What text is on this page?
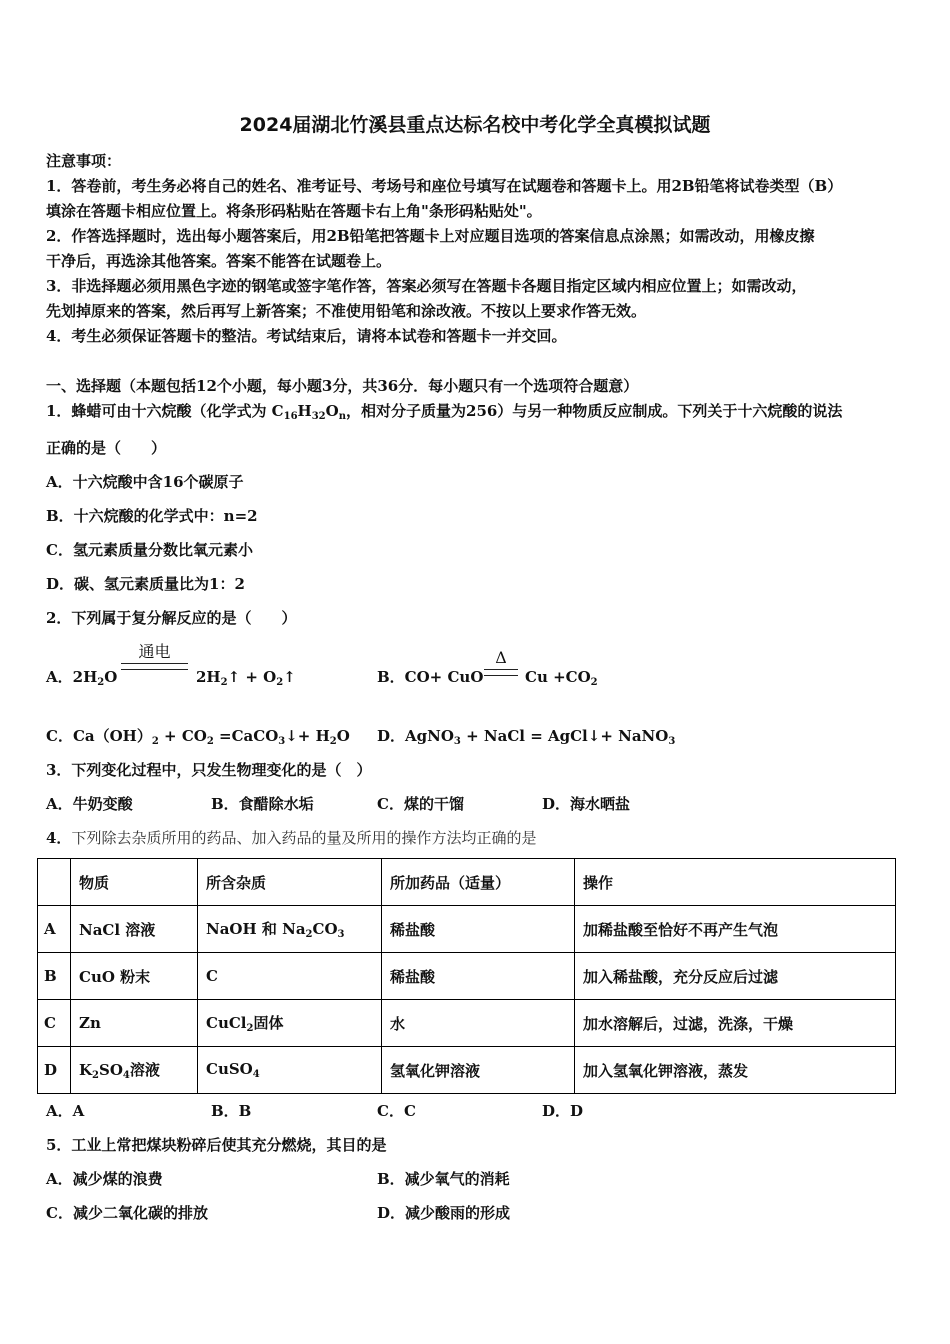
2024届湖北竹溪县重点达标名校中考化学全真模拟试题
注意事项：
1．答卷前，考生务必将自己的姓名、准考证号、考场号和座位号填写在试题卷和答题卡上。用2B铅笔将试卷类型（B）
填涂在答题卡相应位置上。将条形码粘贴在答题卡右上角"条形码粘贴处"。
2．作答选择题时，选出每小题答案后，用2B铅笔把答题卡上对应题目选项的答案信息点涂黑；如需改动，用橡皮擦
干净后，再选涂其他答案。答案不能答在试题卷上。
3．非选择题必须用黑色字迹的钢笔或签字笔作答，答案必须写在答题卡各题目指定区域内相应位置上；如需改动，
先划掉原来的答案，然后再写上新答案；不准使用铅笔和涂改液。不按以上要求作答无效。
4．考生必须保证答题卡的整洁。考试结束后，请将本试卷和答题卡一并交回。
一、选择题（本题包括12个小题，每小题3分，共36分．每小题只有一个选项符合题意）
1．蜂蜡可由十六烷酸（化学式为 $C_{16}H_{32}O_n$，相对分子质量为256）与另一种物质反应制成。下列关于十六烷酸的说法
正确的是（　　）
A．十六烷酸中含16个碳原子
B．十六烷酸的化学式中：n=2
C．氢元素质量分数比氧元素小
D．碳、氢元素质量比为1：2
2．下列属于复分解反应的是（　　）
A．$2H_2O$
通电
$2H_2↑$ + $O_2↑$	B．CO+ CuO
Δ
$Cu +CO_2$
C．$Ca(OH)_2 + CO_2$ =CaCO$_3$↓+ $H_2O$ D．AgNO$_3$ + NaCl = AgCl↓+ NaNO$_3$
3．下列变化过程中，只发生物理变化的是（　）
A．牛奶变酸	B．食醋除水垢	C．煤的干馏	D．海水晒盐
4．下列除去杂质所用的药品、加入药品的量及所用的操作方法均正确的是
	物质	所含杂质	所加药品（适量）	操作
A	NaCl 溶液	NaOH 和 $Na_2CO_3$	稀盐酸	加稀盐酸至恰好不再产生气泡
B	CuO 粉末	C	稀盐酸	加入稀盐酸，充分反应后过滤
C	Zn	CuCl$_2$固体	水	加水溶解后，过滤，洗涤，干燥
D	$K_2SO_4$溶液	CuSO$_4$	氢氧化钾溶液	加入氢氧化钾溶液，蒸发
A．A	B．B	C．C	D．D
5．工业上常把煤块粉碎后使其充分燃烧，其目的是
A．减少煤的浪费	B．减少氧气的消耗
C．减少二氧化碳的排放	D．减少酸雨的形成
